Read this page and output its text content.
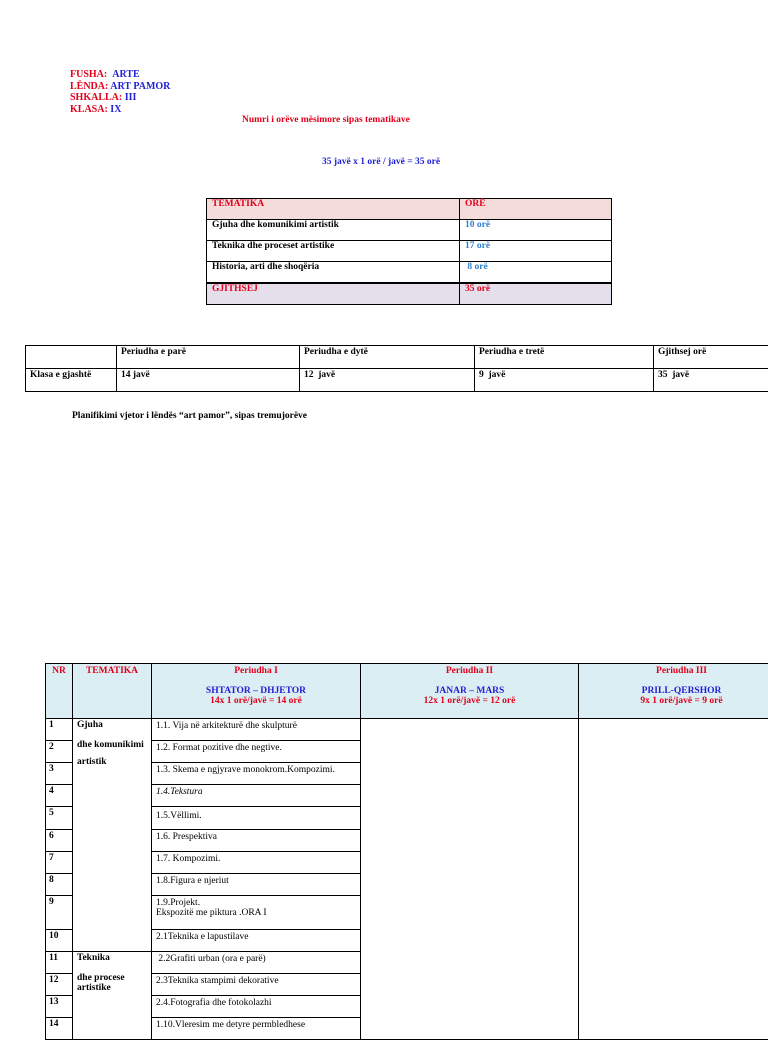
FUSHA: ARTE
LËNDA: ART PAMOR
SHKALLA: III
KLASA: IX
Numri i orëve mësimore sipas tematikave
35 javë x 1 orë / javë = 35 orë
TEMATIKA	ORË
Gjuha dhe komunikimi artistik	10 orë
Teknika dhe proceset artistike	17 orë
Historia, arti dhe shoqëria	8 orë
GJITHSEJ	35 orë
	Periudha e parë	Periudha e dytë	Periudha e tretë	Gjithsej orë
Klasa e gjashtë	14 javë	12  javë	9  javë	35  javë
Planifikimi vjetor i lëndës “art pamor”, sipas tremujorëve
NR	TEMATIKA	Periudha I
SHTATOR – DHJETOR
14x 1 orë/javë = 14 orë	Periudha II
JANAR – MARS
12x 1 orë/javë = 12 orë	Periudha III
PRILL-QERSHOR
9x 1 orë/javë = 9 orë

1	Gjuha
dhe komunikimi
artistik	1.1. Vija në arkitekturë dhe skulpturë		
2		1.2. Format pozitive dhe negtive.		
3		1.3. Skema e ngjyrave monokrom.Kompozimi.		
4		1.4.Tekstura		
5		1.5.Vëllimi.		
6		1.6. Prespektiva		
7		1.7. Kompozimi.		
8		1.8.Figura e njeriut		
9		1.9.Projekt.
Ekspozitë me piktura .ORA I		

10		2.1Teknika e lapustilave		
11	Teknika
dhe procese artistike	2.2Grafiti urban (ora e parë)		
12		2.3Teknika stampimi dekorative		
13		2.4.Fotografia dhe fotokolazhi		
14		1.10.Vleresim me detyre permbledhese		
